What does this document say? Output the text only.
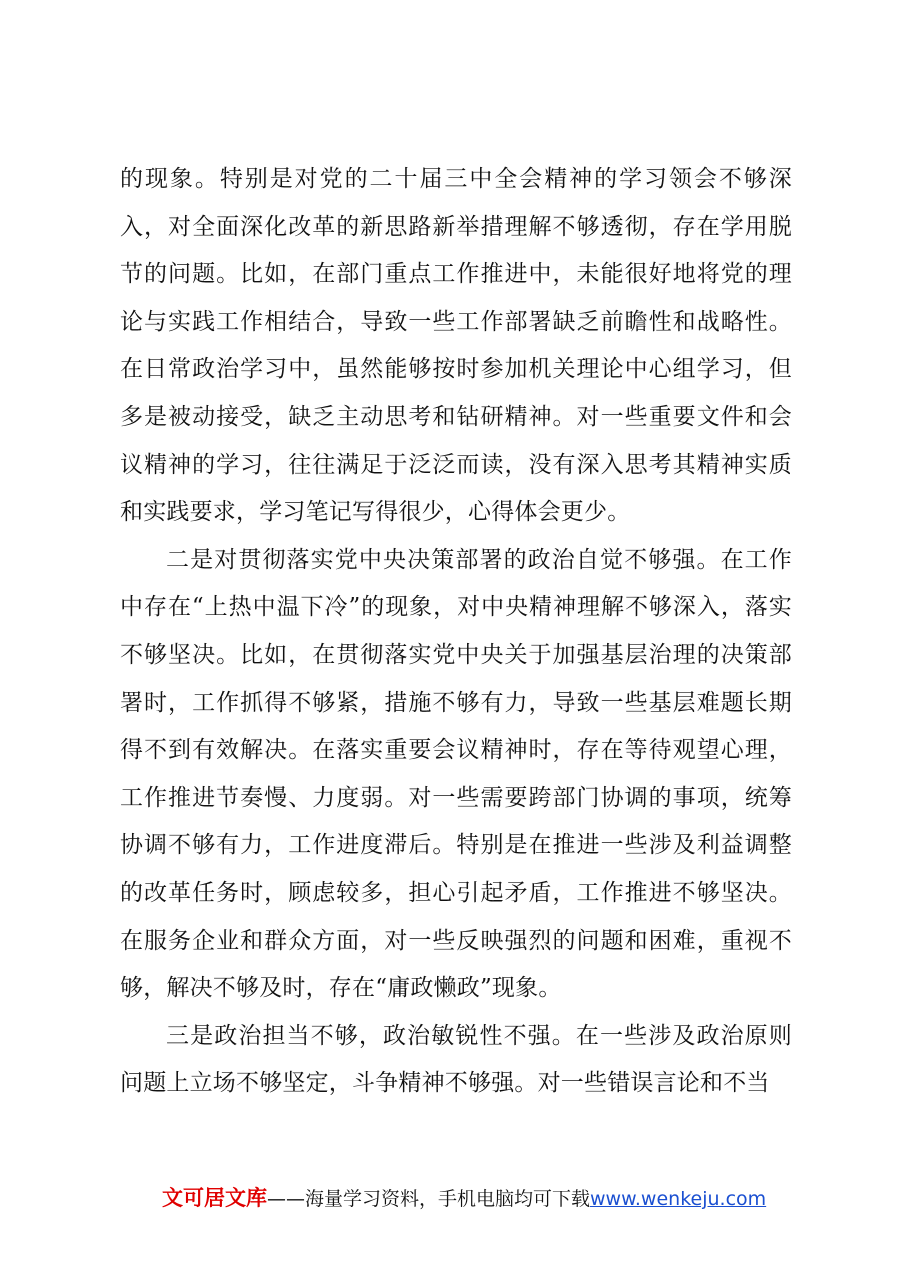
的现象。特别是对党的二十届三中全会精神的学习领会不够深入，对全面深化改革的新思路新举措理解不够透彻，存在学用脱节的问题。比如，在部门重点工作推进中，未能很好地将党的理论与实践工作相结合，导致一些工作部署缺乏前瞻性和战略性。在日常政治学习中，虽然能够按时参加机关理论中心组学习，但多是被动接受，缺乏主动思考和钻研精神。对一些重要文件和会议精神的学习，往往满足于泛泛而读，没有深入思考其精神实质和实践要求，学习笔记写得很少，心得体会更少。

二是对贯彻落实党中央决策部署的政治自觉不够强。在工作中存在“上热中温下冷”的现象，对中央精神理解不够深入，落实不够坚决。比如，在贯彻落实党中央关于加强基层治理的决策部署时，工作抓得不够紧，措施不够有力，导致一些基层难题长期得不到有效解决。在落实重要会议精神时，存在等待观望心理，工作推进节奏慢、力度弱。对一些需要跨部门协调的事项，统筹协调不够有力，工作进度滞后。特别是在推进一些涉及利益调整的改革任务时，顾虑较多，担心引起矛盾，工作推进不够坚决。在服务企业和群众方面，对一些反映强烈的问题和困难，重视不够，解决不够及时，存在“庸政懒政”现象。

三是政治担当不够，政治敏锐性不强。在一些涉及政治原则问题上立场不够坚定，斗争精神不够强。对一些错误言论和不当

文可居文库——海量学习资料，手机电脑均可下载www.wenkeju.com
